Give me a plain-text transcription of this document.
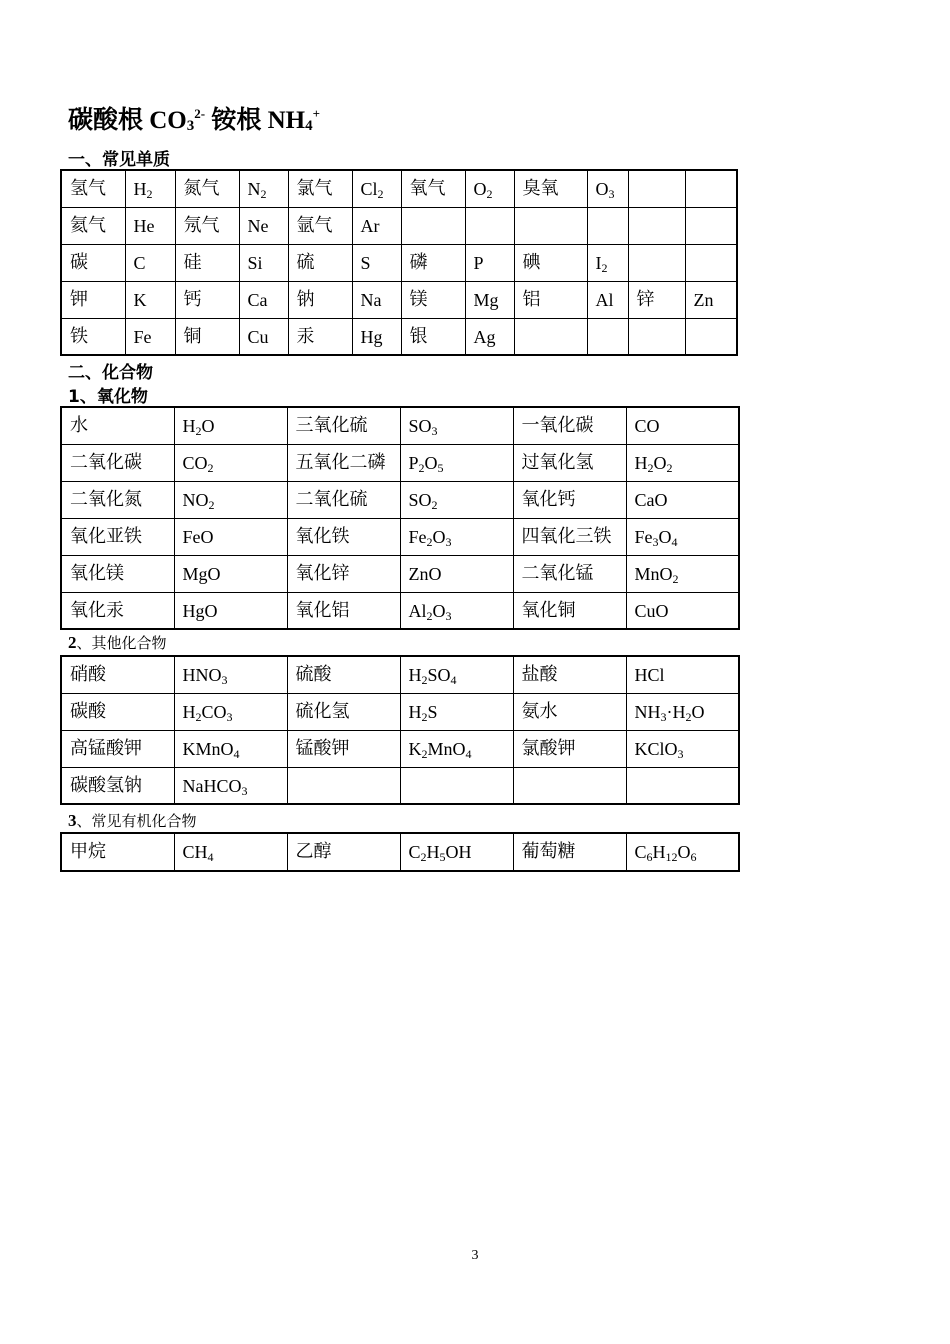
碳酸根 $CO_3^{2-}$ 铵根 $NH_4^+$
一、常见单质
氢气	H2	氮气	N2	氯气	Cl2	氧气	O2	臭氧	O3		
氦气	He	氖气	Ne	氩气	Ar						
碳	C	硅	Si	硫	S	磷	P	碘	I2		
钾	K	钙	Ca	钠	Na	镁	Mg	铝	Al	锌	Zn
铁	Fe	铜	Cu	汞	Hg	银	Ag				
二、化合物
1、氧化物
水	H2O	三氧化硫	SO3	一氧化碳	CO
二氧化碳	CO2	五氧化二磷	P2O5	过氧化氢	H2O2
二氧化氮	NO2	二氧化硫	SO2	氧化钙	CaO
氧化亚铁	FeO	氧化铁	Fe2O3	四氧化三铁	Fe3O4
氧化镁	MgO	氧化锌	ZnO	二氧化锰	MnO2
氧化汞	HgO	氧化铝	Al2O3	氧化铜	CuO
2、其他化合物
硝酸	HNO3	硫酸	H2SO4	盐酸	HCl
碳酸	H2CO3	硫化氢	H2S	氨水	NH3·H2O
高锰酸钾	KMnO4	锰酸钾	K2MnO4	氯酸钾	KClO3
碳酸氢钠	NaHCO3				
3、常见有机化合物
甲烷	CH4	乙醇	C2H5OH	葡萄糖	C6H12O6
3
